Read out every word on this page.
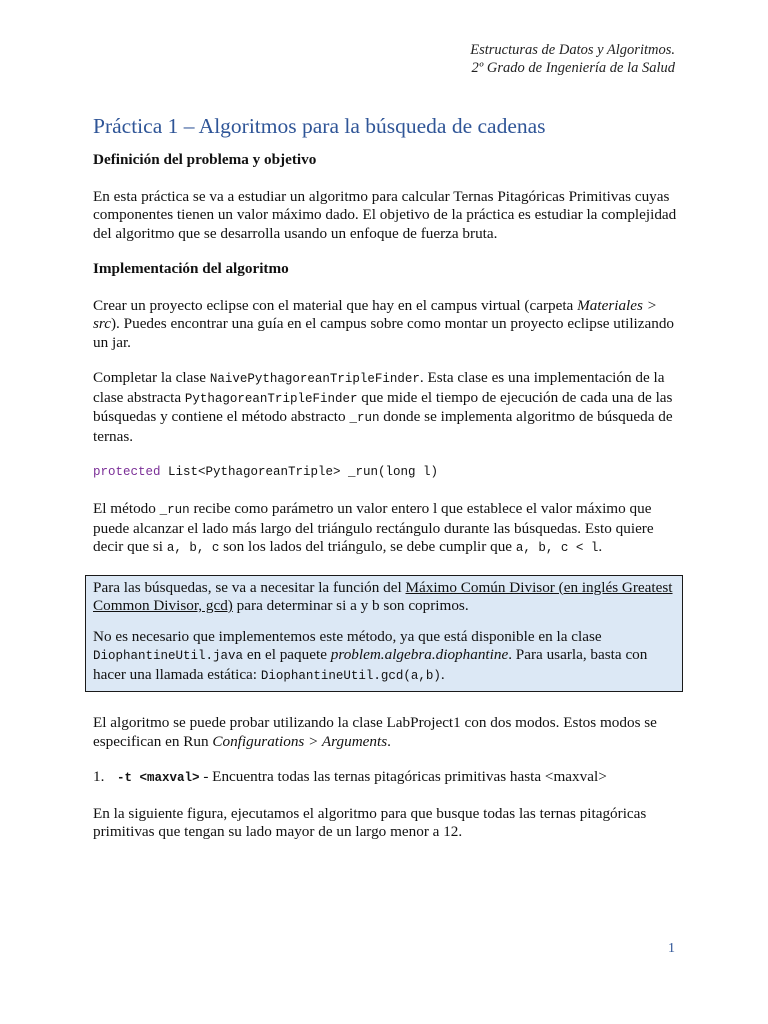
Estructuras de Datos y Algoritmos.
2º Grado de Ingeniería de la Salud
Práctica 1 – Algoritmos para la búsqueda de cadenas
Definición del problema y objetivo

En esta práctica se va a estudiar un algoritmo para calcular Ternas Pitagóricas Primitivas cuyas componentes tienen un valor máximo dado. El objetivo de la práctica es estudiar la complejidad del algoritmo que se desarrolla usando un enfoque de fuerza bruta.

Implementación del algoritmo

Crear un proyecto eclipse con el material que hay en el campus virtual (carpeta Materiales > src). Puedes encontrar una guía en el campus sobre como montar un proyecto eclipse utilizando un jar.

Completar la clase NaivePythagoreanTripleFinder. Esta clase es una implementación de la clase abstracta PythagoreanTripleFinder que mide el tiempo de ejecución de cada una de las búsquedas y contiene el método abstracto _run donde se implementa algoritmo de búsqueda de ternas.

protected List<PythagoreanTriple> _run(long l)

El método _run recibe como parámetro un valor entero l que establece el valor máximo que puede alcanzar el lado más largo del triángulo rectángulo durante las búsquedas. Esto quiere decir que si a, b, c son los lados del triángulo, se debe cumplir que a, b, c < l.

Para las búsquedas, se va a necesitar la función del Máximo Común Divisor (en inglés Greatest Common Divisor, gcd) para determinar si a y b son coprimos.

No es necesario que implementemos este método, ya que está disponible en la clase DiophantineUtil.java en el paquete problem.algebra.diophantine. Para usarla, basta con hacer una llamada estática: DiophantineUtil.gcd(a,b).

El algoritmo se puede probar utilizando la clase LabProject1 con dos modos. Estos modos se especifican en Run Configurations > Arguments.

1. -t <maxval> - Encuentra todas las ternas pitagóricas primitivas hasta <maxval>

En la siguiente figura, ejecutamos el algoritmo para que busque todas las ternas pitagóricas primitivas que tengan su lado mayor de un largo menor a 12.

1
